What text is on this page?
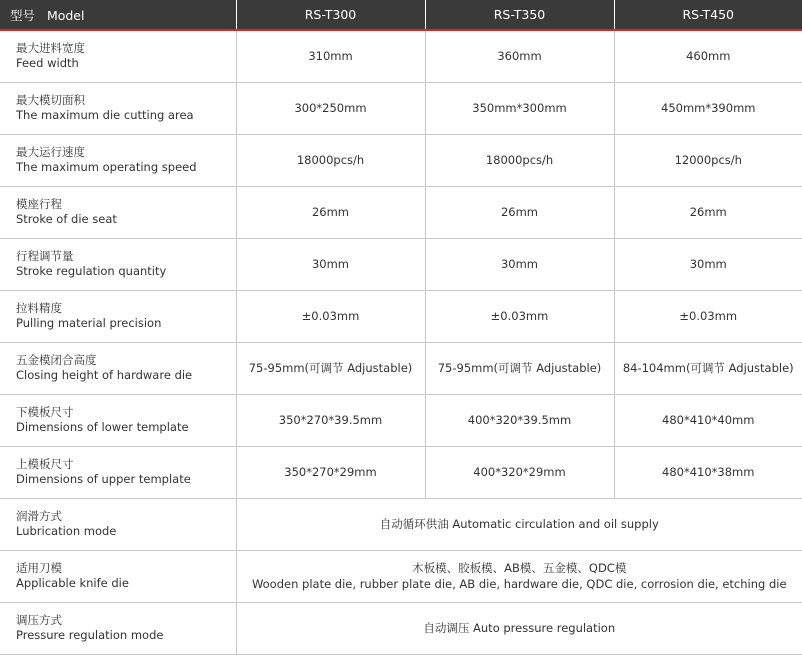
型号 Model	RS-T300	RS-T350	RS-T450

最大进料宽度
Feed width	310mm	360mm	460mm

最大模切面积
The maximum die cutting area	300*250mm	350mm*300mm	450mm*390mm

最大运行速度
The maximum operating speed	18000pcs/h	18000pcs/h	12000pcs/h

模座行程
Stroke of die seat	26mm	26mm	26mm

行程调节量
Stroke regulation quantity	30mm	30mm	30mm

拉料精度
Pulling material precision	±0.03mm	±0.03mm	±0.03mm

五金模闭合高度
Closing height of hardware die	75-95mm(可调节 Adjustable)	75-95mm(可调节 Adjustable)	84-104mm(可调节 Adjustable)

下模板尺寸
Dimensions of lower template	350*270*39.5mm	400*320*39.5mm	480*410*40mm

上模板尺寸
Dimensions of upper template	350*270*29mm	400*320*29mm	480*410*38mm

润滑方式
Lubrication mode	自动循环供油 Automatic circulation and oil supply		

适用刀模
Applicable knife die	木板模、胶板模、AB模、五金模、QDC模
Wooden plate die, rubber plate die, AB die, hardware die, QDC die, corrosion die, etching die		

调压方式
Pressure regulation mode	自动调压 Auto pressure regulation		
